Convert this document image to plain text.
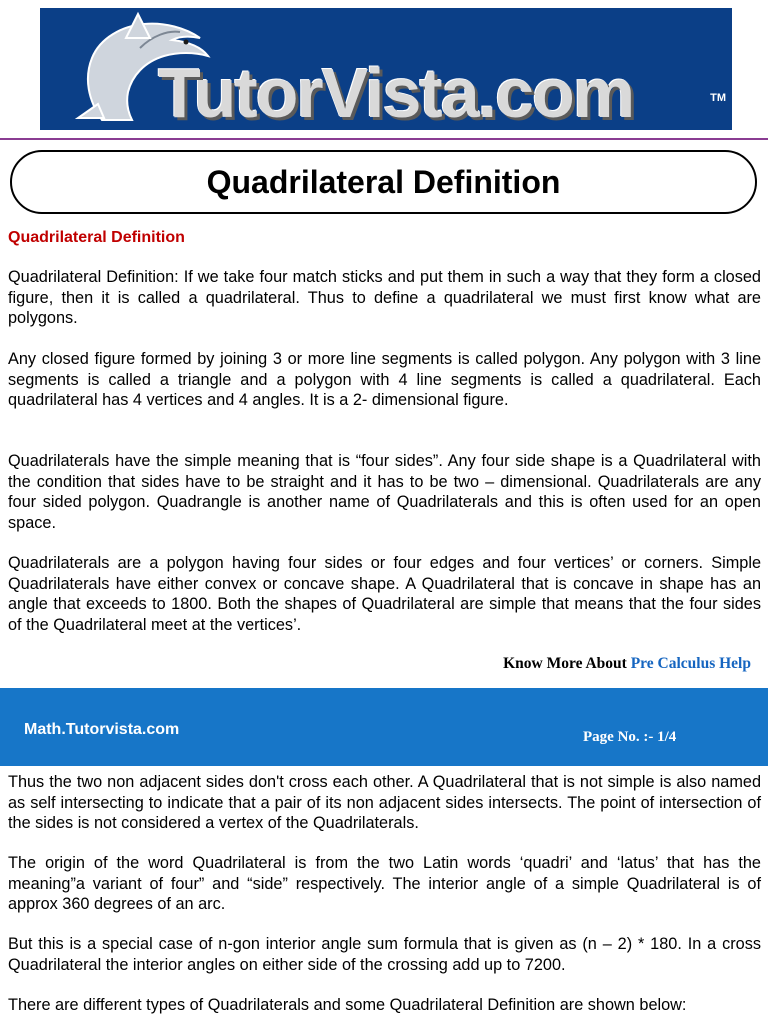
TutorVista.com	TM
Quadrilateral Definition
Quadrilateral Definition

Quadrilateral Definition: If we take four match sticks and put them in such a way that they form a closed figure, then it is called a quadrilateral. Thus to define a quadrilateral we must first know what are polygons.

Any closed figure formed by joining 3 or more line segments is called polygon. Any polygon with 3 line segments is called a triangle and a polygon with 4 line segments is called a quadrilateral. Each quadrilateral has 4 vertices and 4 angles. It is a 2- dimensional figure.

Quadrilaterals have the simple meaning that is “four sides”. Any four side shape is a Quadrilateral with the condition that sides have to be straight and it has to be two – dimensional. Quadrilaterals are any four sided polygon. Quadrangle is another name of Quadrilaterals and this is often used for an open space.

Quadrilaterals are a polygon having four sides or four edges and four vertices’ or corners. Simple Quadrilaterals have either convex or concave shape. A Quadrilateral that is concave in shape has an angle that exceeds to 1800. Both the shapes of Quadrilateral are simple that means that the four sides of the Quadrilateral meet at the vertices’.

Know More About Pre Calculus Help
Math.Tutorvista.com	Page No. :- 1/4

Thus the two non adjacent sides don't cross each other. A Quadrilateral that is not simple is also named as self intersecting to indicate that a pair of its non adjacent sides intersects. The point of intersection of the sides is not considered a vertex of the Quadrilaterals.

The origin of the word Quadrilateral is from the two Latin words ‘quadri’ and ‘latus’ that has the meaning”a variant of four” and “side” respectively. The interior angle of a simple Quadrilateral is of approx 360 degrees of an arc.

But this is a special case of n-gon interior angle sum formula that is given as (n – 2) * 180. In a cross Quadrilateral the interior angles on either side of the crossing add up to 7200.

There are different types of Quadrilaterals and some Quadrilateral Definition are shown below:
